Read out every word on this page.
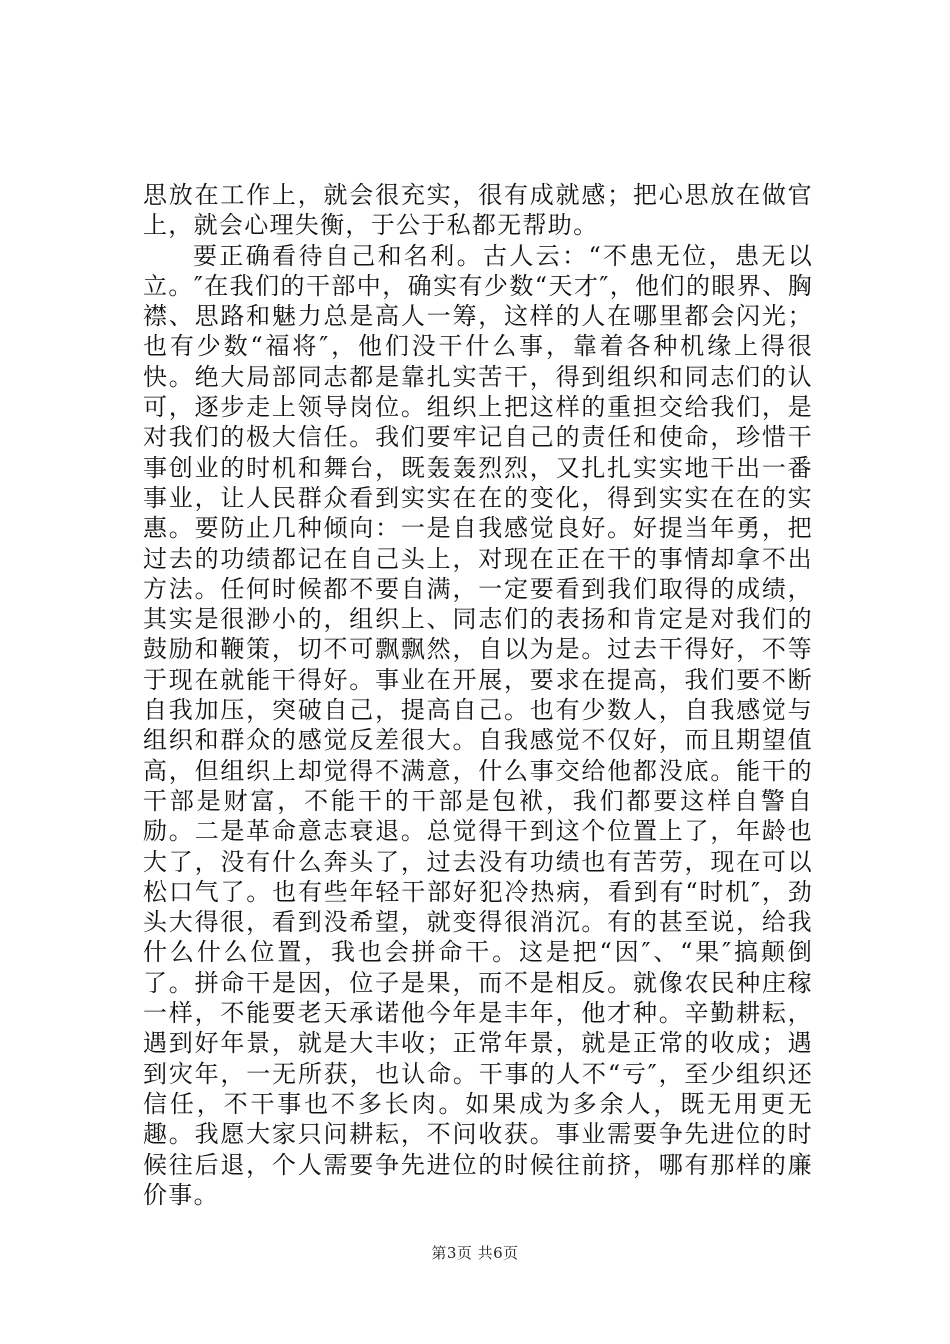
思放在工作上，就会很充实，很有成就感；把心思放在做官上，就会心理失衡，于公于私都无帮助。

要正确看待自己和名利。古人云：“不患无位，患无以立。″在我们的干部中，确实有少数“天才″，他们的眼界、胸襟、思路和魅力总是高人一筹，这样的人在哪里都会闪光；也有少数“福将″，他们没干什么事，靠着各种机缘上得很快。绝大局部同志都是靠扎实苦干，得到组织和同志们的认可，逐步走上领导岗位。组织上把这样的重担交给我们，是对我们的极大信任。我们要牢记自己的责任和使命，珍惜干事创业的时机和舞台，既轰轰烈烈，又扎扎实实地干出一番事业，让人民群众看到实实在在的变化，得到实实在在的实惠。要防止几种倾向：一是自我感觉良好。好提当年勇，把过去的功绩都记在自己头上，对现在正在干的事情却拿不出方法。任何时候都不要自满，一定要看到我们取得的成绩，其实是很渺小的，组织上、同志们的表扬和肯定是对我们的鼓励和鞭策，切不可飘飘然，自以为是。过去干得好，不等于现在就能干得好。事业在开展，要求在提高，我们要不断自我加压，突破自己，提高自己。也有少数人，自我感觉与组织和群众的感觉反差很大。自我感觉不仅好，而且期望值高，但组织上却觉得不满意，什么事交给他都没底。能干的干部是财富，不能干的干部是包袱，我们都要这样自警自励。二是革命意志衰退。总觉得干到这个位置上了，年龄也大了，没有什么奔头了，过去没有功绩也有苦劳，现在可以松口气了。也有些年轻干部好犯冷热病，看到有“时机″，劲头大得很，看到没希望，就变得很消沉。有的甚至说，给我什么什么位置，我也会拼命干。这是把“因″、“果″搞颠倒了。拼命干是因，位子是果，而不是相反。就像农民种庄稼一样，不能要老天承诺他今年是丰年，他才种。辛勤耕耘，遇到好年景，就是大丰收；正常年景，就是正常的收成；遇到灾年，一无所获，也认命。干事的人不“亏″，至少组织还信任，不干事也不多长肉。如果成为多余人，既无用更无趣。我愿大家只问耕耘，不问收获。事业需要争先进位的时候往后退，个人需要争先进位的时候往前挤，哪有那样的廉价事。

第3页 共6页
